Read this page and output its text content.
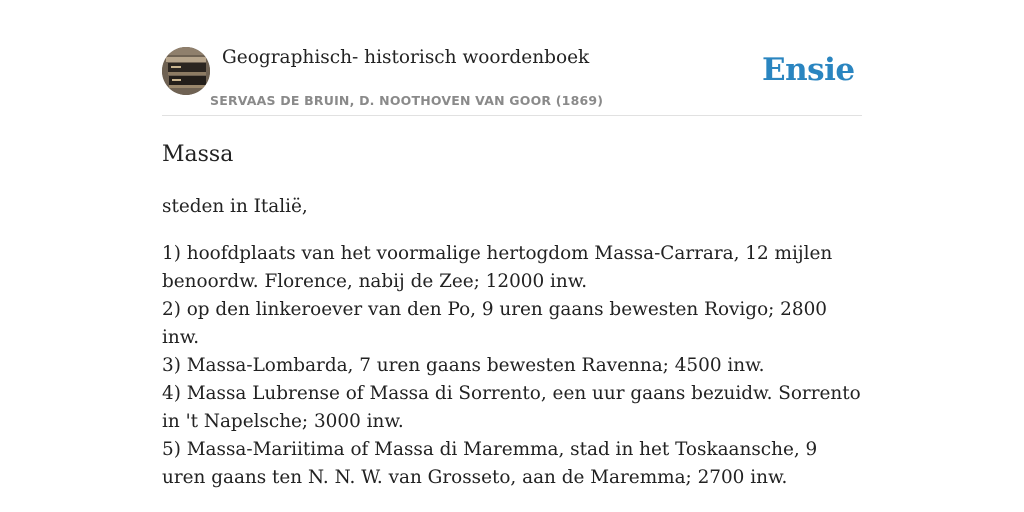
Geographisch- historisch woordenboek
SERVAAS DE BRUIN, D. NOOTHOVEN VAN GOOR (1869)
Ensie
Massa

steden in Italië,

1) hoofdplaats van het voormalige hertogdom Massa-Carrara, 12 mijlen benoordw. Florence, nabij de Zee; 12000 inw.
2) op den linkeroever van den Po, 9 uren gaans bewesten Rovigo; 2800 inw.
3) Massa-Lombarda, 7 uren gaans bewesten Ravenna; 4500 inw.
4) Massa Lubrense of Massa di Sorrento, een uur gaans bezuidw. Sorrento in 't Napelsche; 3000 inw.
5) Massa-Mariitima of Massa di Maremma, stad in het Toskaansche, 9 uren gaans ten N. N. W. van Grosseto, aan de Maremma; 2700 inw.
